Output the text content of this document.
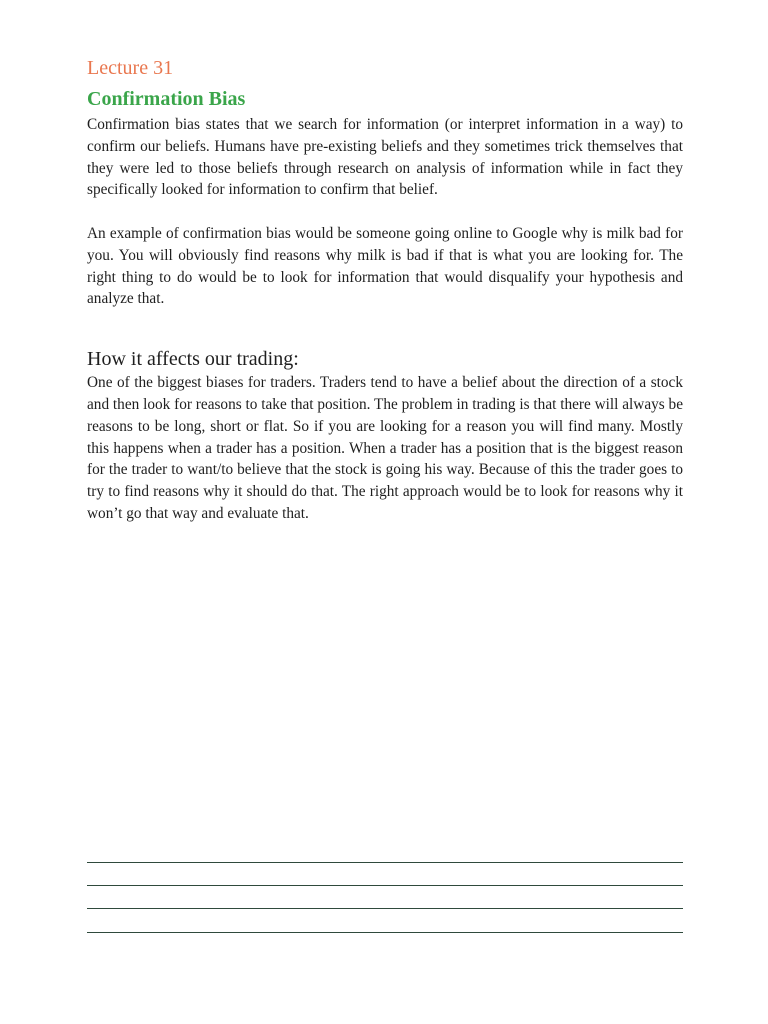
Lecture 31

Confirmation Bias

Confirmation bias states that we search for information (or interpret information in a way) to confirm our beliefs. Humans have pre-existing beliefs and they sometimes trick themselves that they were led to those beliefs through research on analysis of information while in fact they specifically looked for information to confirm that belief.

An example of confirmation bias would be someone going online to Google why is milk bad for you. You will obviously find reasons why milk is bad if that is what you are looking for. The right thing to do would be to look for information that would disqualify your hypothesis and analyze that.

How it affects our trading:

One of the biggest biases for traders. Traders tend to have a belief about the direction of a stock and then look for reasons to take that position. The problem in trading is that there will always be reasons to be long, short or flat. So if you are looking for a reason you will find many. Mostly this happens when a trader has a position. When a trader has a position that is the biggest reason for the trader to want/to believe that the stock is going his way. Because of this the trader goes to try to find reasons why it should do that. The right approach would be to look for reasons why it won’t go that way and evaluate that.
